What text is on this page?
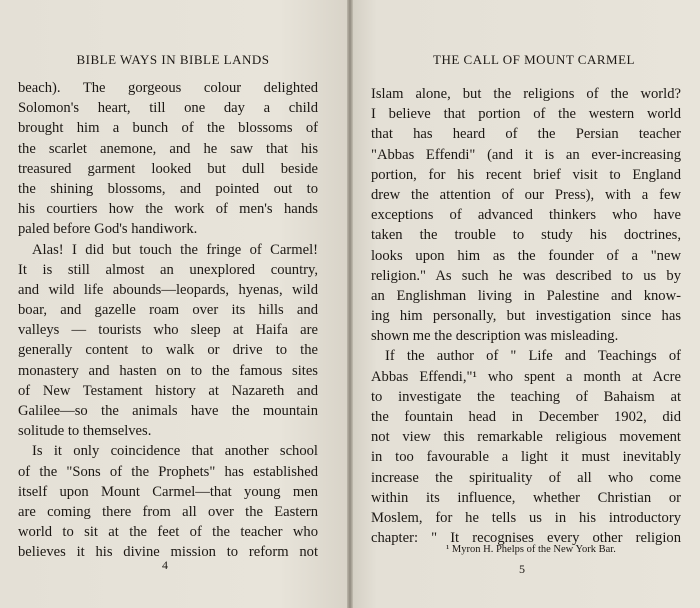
BIBLE WAYS IN BIBLE LANDS
beach). The gorgeous colour delighted
Solomon's heart, till one day a child
brought him a bunch of the blossoms of
the scarlet anemone, and he saw that his
treasured garment looked but dull beside
the shining blossoms, and pointed out to
his courtiers how the work of men's hands
paled before God's handiwork.
Alas! I did but touch the fringe of Carmel!
It is still almost an unexplored country,
and wild life abounds—leopards, hyenas, wild
boar, and gazelle roam over its hills and
valleys — tourists who sleep at Haifa are
generally content to walk or drive to the
monastery and hasten on to the famous sites
of New Testament history at Nazareth and
Galilee—so the animals have the mountain
solitude to themselves.
Is it only coincidence that another school
of the "Sons of the Prophets" has established
itself upon Mount Carmel—that young men
are coming there from all over the Eastern
world to sit at the feet of the teacher who
believes it his divine mission to reform not
4
THE CALL OF MOUNT CARMEL
Islam alone, but the religions of the world?
I believe that portion of the western world
that has heard of the Persian teacher
"Abbas Effendi" (and it is an ever-increasing
portion, for his recent brief visit to England
drew the attention of our Press), with a few
exceptions of advanced thinkers who have
taken the trouble to study his doctrines,
looks upon him as the founder of a "new
religion." As such he was described to us by
an Englishman living in Palestine and know-
ing him personally, but investigation since has
shown me the description was misleading.
If the author of " Life and Teachings of
Abbas Effendi,"¹ who spent a month at Acre
to investigate the teaching of Bahaism at
the fountain head in December 1902, did
not view this remarkable religious movement
in too favourable a light it must inevitably
increase the spirituality of all who come
within its influence, whether Christian or
Moslem, for he tells us in his introductory
chapter: " It recognises every other religion
¹ Myron H. Phelps of the New York Bar.
5
